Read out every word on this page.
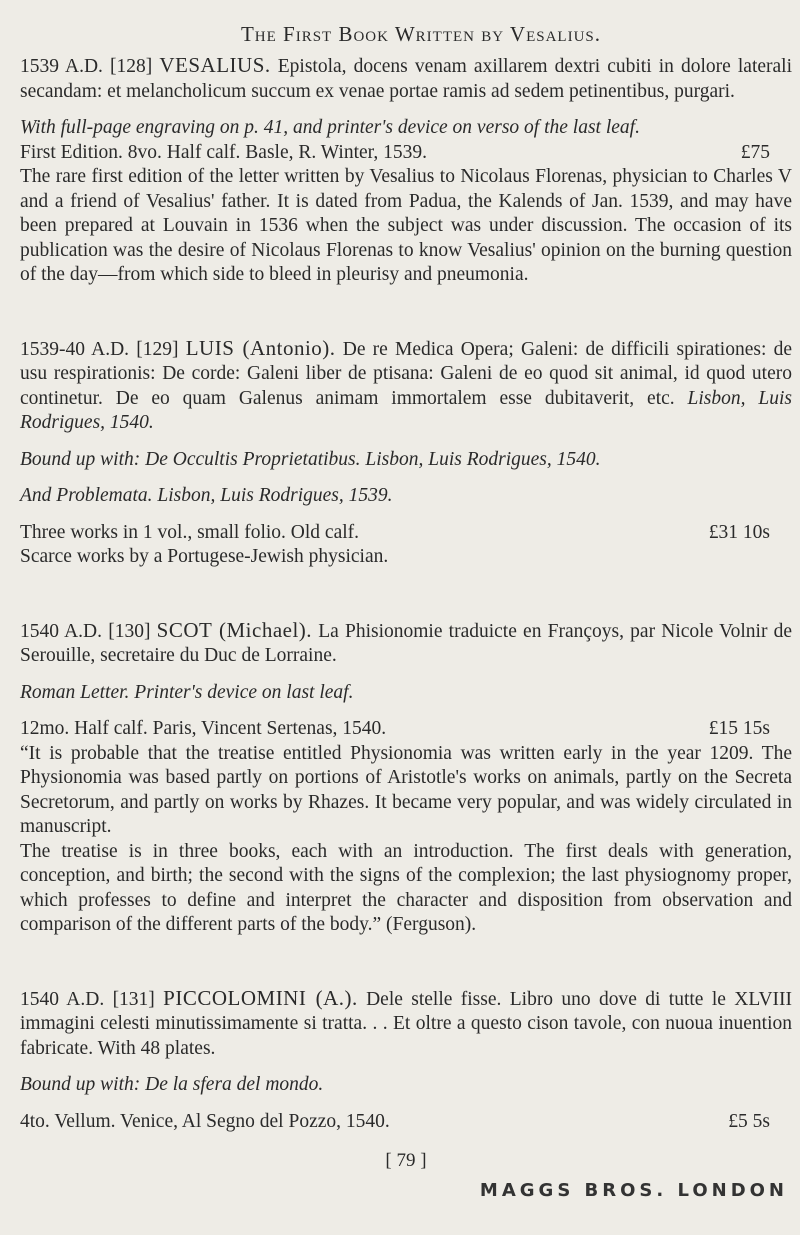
The First Book Written by Vesalius.

1539 A.D. [128] VESALIUS. Epistola, docens venam axillarem dextri cubiti in dolore laterali secandam: et melancholicum succum ex venae portae ramis ad sedem petinentibus, purgari.

With full-page engraving on p. 41, and printer's device on verso of the last leaf.

First Edition. 8vo. Half calf. Basle, R. Winter, 1539.	£75

The rare first edition of the letter written by Vesalius to Nicolaus Florenas, physician to Charles V and a friend of Vesalius' father. It is dated from Padua, the Kalends of Jan. 1539, and may have been prepared at Louvain in 1536 when the subject was under discussion. The occasion of its publication was the desire of Nicolaus Florenas to know Vesalius' opinion on the burning question of the day—from which side to bleed in pleurisy and pneumonia.

1539-40 A.D. [129] LUIS (Antonio). De re Medica Opera; Galeni: de difficili spirationes: de usu respirationis: De corde: Galeni liber de ptisana: Galeni de eo quod sit animal, id quod utero continetur. De eo quam Galenus animam immortalem esse dubitaverit, etc. Lisbon, Luis Rodrigues, 1540.

Bound up with: De Occultis Proprietatibus. Lisbon, Luis Rodrigues, 1540.

And Problemata. Lisbon, Luis Rodrigues, 1539.

Three works in 1 vol., small folio. Old calf.	£31 10s

Scarce works by a Portugese-Jewish physician.

1540 A.D. [130] SCOT (Michael). La Phisionomie traduicte en Françoys, par Nicole Volnir de Serouille, secretaire du Duc de Lorraine.

Roman Letter. Printer's device on last leaf.

12mo. Half calf. Paris, Vincent Sertenas, 1540.	£15 15s

“It is probable that the treatise entitled Physionomia was written early in the year 1209. The Physionomia was based partly on portions of Aristotle's works on animals, partly on the Secreta Secretorum, and partly on works by Rhazes. It became very popular, and was widely circulated in manuscript.

The treatise is in three books, each with an introduction. The first deals with generation, conception, and birth; the second with the signs of the complexion; the last physiognomy proper, which professes to define and interpret the character and disposition from observation and comparison of the different parts of the body.” (Ferguson).

1540 A.D. [131] PICCOLOMINI (A.). Dele stelle fisse. Libro uno dove di tutte le XLVIII immagini celesti minutissimamente si tratta. . . Et oltre a questo cison tavole, con nuoua inuention fabricate. With 48 plates.

Bound up with: De la sfera del mondo.

4to. Vellum. Venice, Al Segno del Pozzo, 1540.	£5 5s

[ 79 ]
MAGGS BROS. LONDON
